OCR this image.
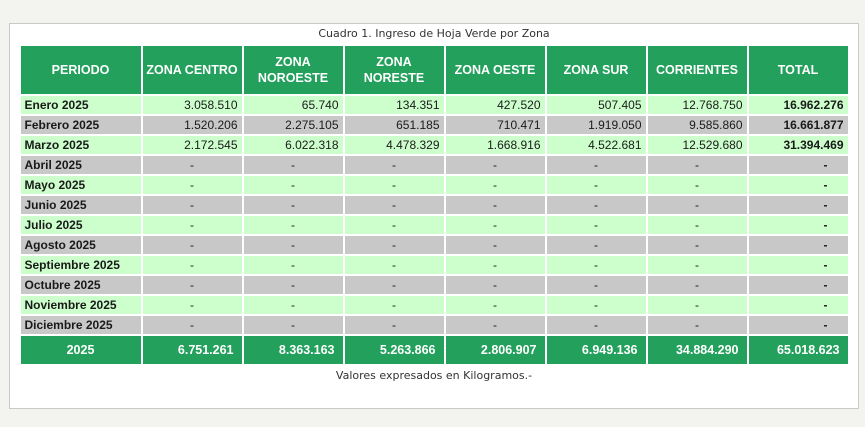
Cuadro 1. Ingreso de Hoja Verde por Zona
PERIODO	ZONA CENTRO	ZONA NOROESTE	ZONA NORESTE	ZONA OESTE	ZONA SUR	CORRIENTES	TOTAL
Enero 2025	3.058.510	65.740	134.351	427.520	507.405	12.768.750	16.962.276
Febrero 2025	1.520.206	2.275.105	651.185	710.471	1.919.050	9.585.860	16.661.877
Marzo 2025	2.172.545	6.022.318	4.478.329	1.668.916	4.522.681	12.529.680	31.394.469
Abril 2025	-	-	-	-	-	-	-
Mayo 2025	-	-	-	-	-	-	-
Junio 2025	-	-	-	-	-	-	-
Julio 2025	-	-	-	-	-	-	-
Agosto 2025	-	-	-	-	-	-	-
Septiembre 2025	-	-	-	-	-	-	-
Octubre 2025	-	-	-	-	-	-	-
Noviembre 2025	-	-	-	-	-	-	-
Diciembre 2025	-	-	-	-	-	-	-
2025	6.751.261	8.363.163	5.263.866	2.806.907	6.949.136	34.884.290	65.018.623
Valores expresados en Kilogramos.-
